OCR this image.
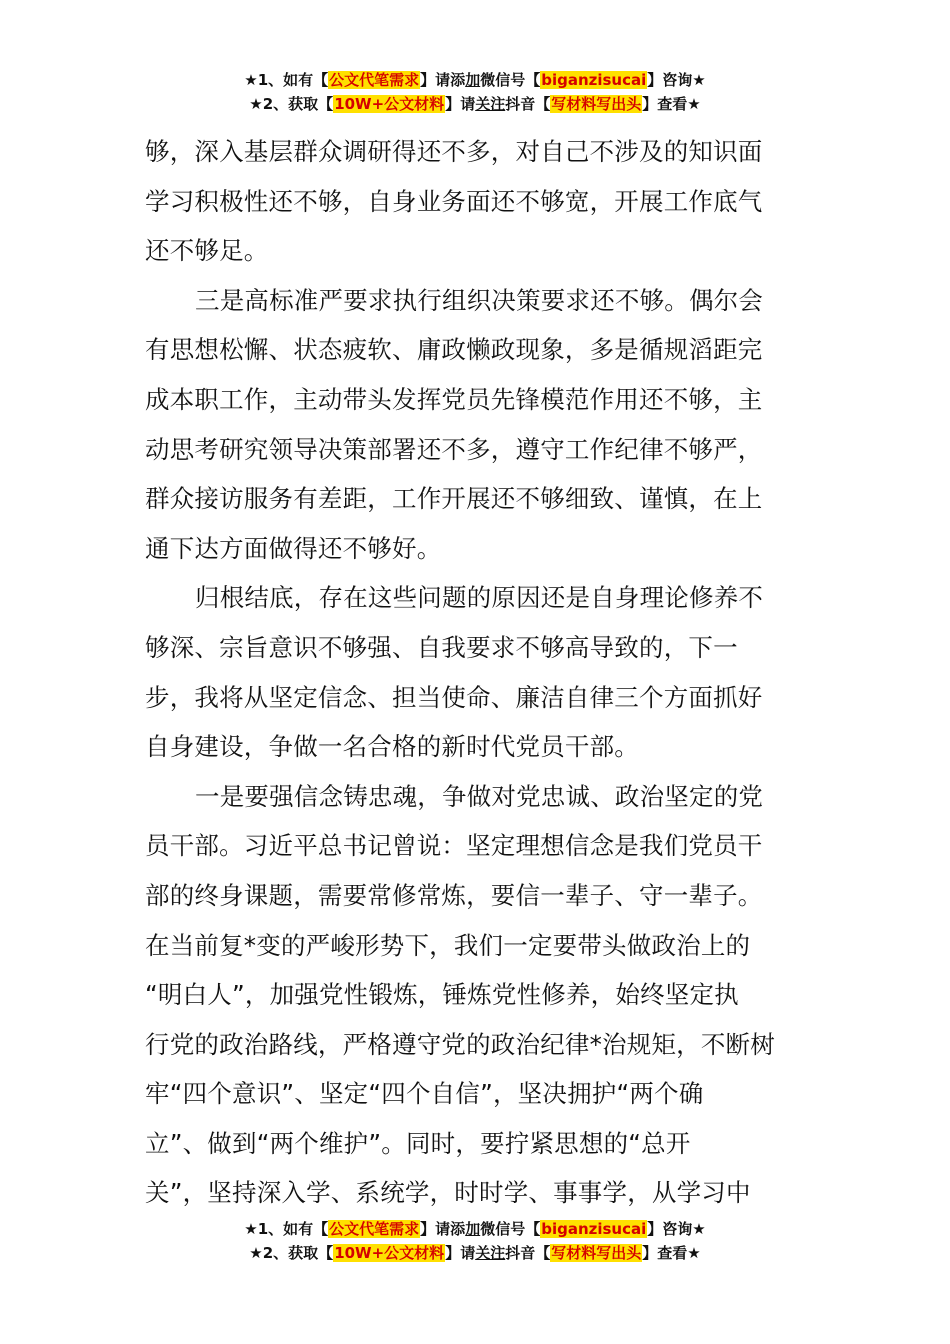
★1、如有【公文代笔需求】请添加微信号【biganzisucai】咨询★
★2、获取【10W+公文材料】请关注抖音【写材料写出头】查看★
够，深入基层群众调研得还不多，对自己不涉及的知识面
学习积极性还不够，自身业务面还不够宽，开展工作底气
还不够足。
三是高标准严要求执行组织决策要求还不够。偶尔会
有思想松懈、状态疲软、庸政懒政现象，多是循规滔距完
成本职工作，主动带头发挥党员先锋模范作用还不够，主
动思考研究领导决策部署还不多，遵守工作纪律不够严，
群众接访服务有差距，工作开展还不够细致、谨慎，在上
通下达方面做得还不够好。
归根结底，存在这些问题的原因还是自身理论修养不
够深、宗旨意识不够强、自我要求不够高导致的，下一
步，我将从坚定信念、担当使命、廉洁自律三个方面抓好
自身建设，争做一名合格的新时代党员干部。
一是要强信念铸忠魂，争做对党忠诚、政治坚定的党
员干部。习近平总书记曾说：坚定理想信念是我们党员干
部的终身课题，需要常修常炼，要信一辈子、守一辈子。
在当前复*变的严峻形势下，我们一定要带头做政治上的
“明白人”，加强党性锻炼，锤炼党性修养，始终坚定执
行党的政治路线，严格遵守党的政治纪律*治规矩，不断树
牢“四个意识”、坚定“四个自信”，坚决拥护“两个确
立”、做到“两个维护”。同时，要拧紧思想的“总开
关”，坚持深入学、系统学，时时学、事事学，从学习中
★1、如有【公文代笔需求】请添加微信号【biganzisucai】咨询★
★2、获取【10W+公文材料】请关注抖音【写材料写出头】查看★
